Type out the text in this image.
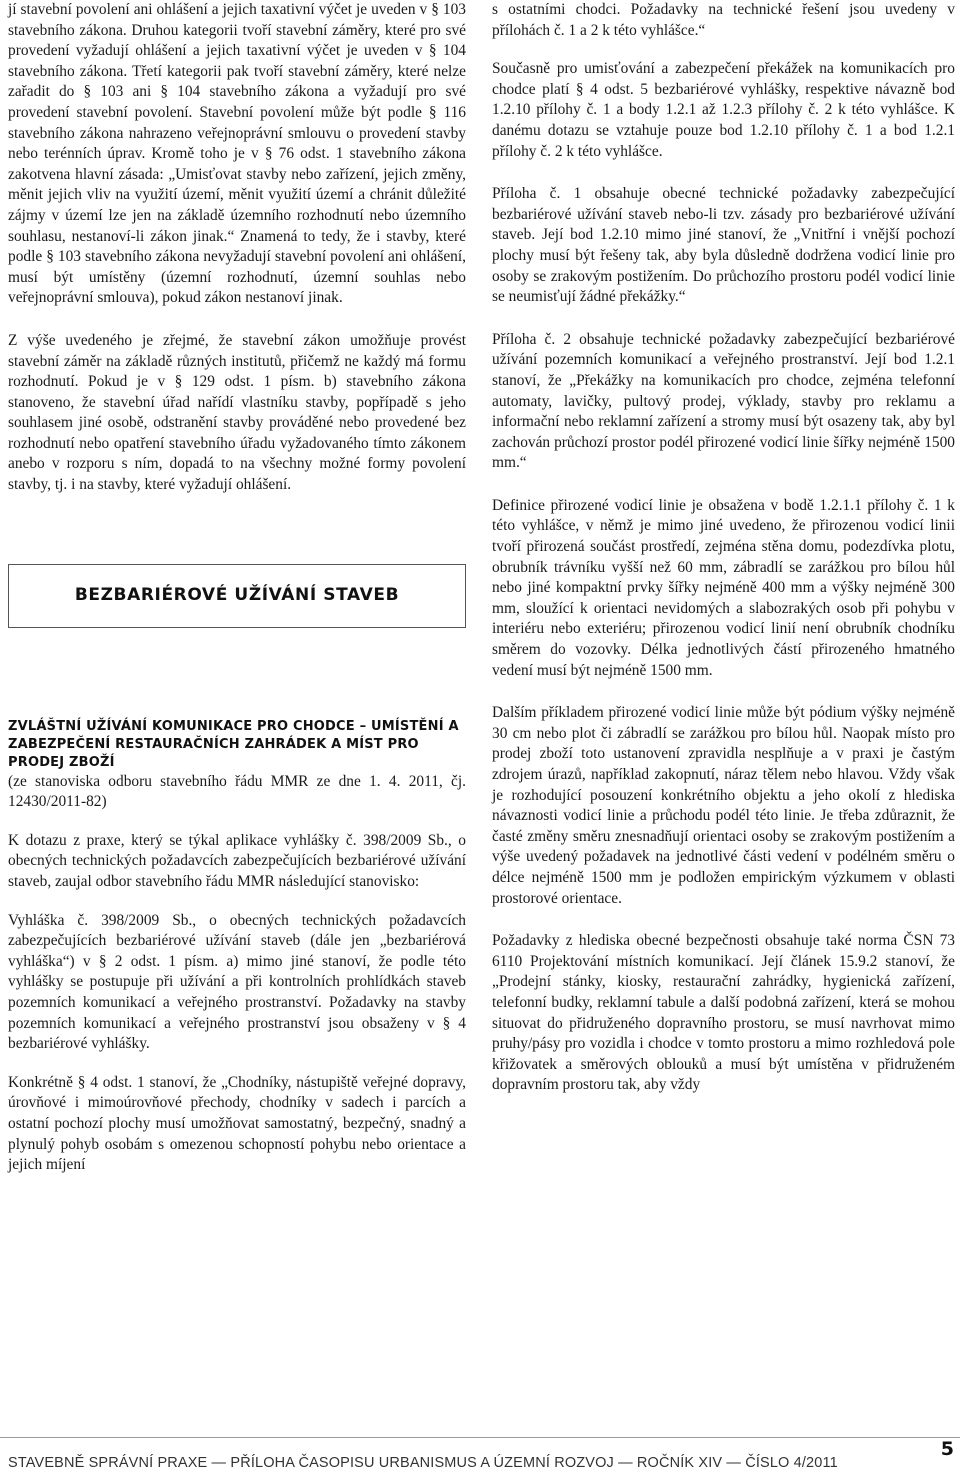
jí stavební povolení ani ohlášení a jejich taxativní výčet je uveden v § 103 stavebního zákona. Druhou kategorii tvoří stavební záměry, které pro své provedení vyžadují ohlášení a jejich taxativní výčet je uveden v § 104 stavebního zákona. Třetí kategorii pak tvoří stavební záměry, které nelze zařadit do § 103 ani § 104 stavebního zákona a vyžadují pro své provedení stavební povolení. Stavební povolení může být podle § 116 stavebního zákona nahrazeno veřejnoprávní smlouvu o provedení stavby nebo terénních úprav. Kromě toho je v § 76 odst. 1 stavebního zákona zakotvena hlavní zásada: „Umisťovat stavby nebo zařízení, jejich změny, měnit jejich vliv na využití území, měnit využití území a chránit důležité zájmy v území lze jen na základě územního rozhodnutí nebo územního souhlasu, nestanoví-li zákon jinak.“ Znamená to tedy, že i stavby, které podle § 103 stavebního zákona nevyžadují stavební povolení ani ohlášení, musí být umístěny (územní rozhodnutí, územní souhlas nebo veřejnoprávní smlouva), pokud zákon nestanoví jinak.

Z výše uvedeného je zřejmé, že stavební zákon umožňuje provést stavební záměr na základě různých institutů, přičemž ne každý má formu rozhodnutí. Pokud je v § 129 odst. 1 písm. b) stavebního zákona stanoveno, že stavební úřad nařídí vlastníku stavby, popřípadě s jeho souhlasem jiné osobě, odstranění stavby prováděné nebo provedené bez rozhodnutí nebo opatření stavebního úřadu vyžadovaného tímto zákonem anebo v rozporu s ním, dopadá to na všechny možné formy povolení stavby, tj. i na stavby, které vyžadují ohlášení.

BEZBARIÉROVÉ UŽÍVÁNÍ STAVEB

ZVLÁŠTNÍ UŽÍVÁNÍ KOMUNIKACE PRO CHODCE – UMÍSTĚNÍ A ZABEZPEČENÍ RESTAURAČNÍCH ZAHRÁDEK A MÍST PRO PRODEJ ZBOŽÍ

(ze stanoviska odboru stavebního řádu MMR ze dne 1. 4. 2011, čj. 12430/2011-82)

K dotazu z praxe, který se týkal aplikace vyhlášky č. 398/2009 Sb., o obecných technických požadavcích zabezpečujících bezbariérové užívání staveb, zaujal odbor stavebního řádu MMR následující stanovisko:

Vyhláška č. 398/2009 Sb., o obecných technických požadavcích zabezpečujících bezbariérové užívání staveb (dále jen „bezbariérová vyhláška“) v § 2 odst. 1 písm. a) mimo jiné stanoví, že podle této vyhlášky se postupuje při užívání a při kontrolních prohlídkách staveb pozemních komunikací a veřejného prostranství. Požadavky na stavby pozemních komunikací a veřejného prostranství jsou obsaženy v § 4 bezbariérové vyhlášky.

Konkrétně § 4 odst. 1 stanoví, že „Chodníky, nástupiště veřejné dopravy, úrovňové i mimoúrovňové přechody, chodníky v sadech i parcích a ostatní pochozí plochy musí umožňovat samostatný, bezpečný, snadný a plynulý pohyb osobám s omezenou schopností pohybu nebo orientace a jejich míjení

s ostatními chodci. Požadavky na technické řešení jsou uvedeny v přílohách č. 1 a 2 k této vyhlášce.“

Současně pro umisťování a zabezpečení překážek na komunikacích pro chodce platí § 4 odst. 5 bezbariérové vyhlášky, respektive návazně bod 1.2.10 přílohy č. 1 a body 1.2.1 až 1.2.3 přílohy č. 2 k této vyhlášce. K danému dotazu se vztahuje pouze bod 1.2.10 přílohy č. 1 a bod 1.2.1 přílohy č. 2 k této vyhlášce.

Příloha č. 1 obsahuje obecné technické požadavky zabezpečující bezbariérové užívání staveb nebo-li tzv. zásady pro bezbariérové užívání staveb. Její bod 1.2.10 mimo jiné stanoví, že „Vnitřní i vnější pochozí plochy musí být řešeny tak, aby byla důsledně dodržena vodicí linie pro osoby se zrakovým postižením. Do průchozího prostoru podél vodicí linie se neumisťují žádné překážky.“

Příloha č. 2 obsahuje technické požadavky zabezpečující bezbariérové užívání pozemních komunikací a veřejného prostranství. Její bod 1.2.1 stanoví, že „Překážky na komunikacích pro chodce, zejména telefonní automaty, lavičky, pultový prodej, výklady, stavby pro reklamu a informační nebo reklamní zařízení a stromy musí být osazeny tak, aby byl zachován průchozí prostor podél přirozené vodicí linie šířky nejméně 1500 mm.“

Definice přirozené vodicí linie je obsažena v bodě 1.2.1.1 přílohy č. 1 k této vyhlášce, v němž je mimo jiné uvedeno, že přirozenou vodicí linii tvoří přirozená součást prostředí, zejména stěna domu, podezdívka plotu, obrubník trávníku vyšší než 60 mm, zábradlí se zarážkou pro bílou hůl nebo jiné kompaktní prvky šířky nejméně 400 mm a výšky nejméně 300 mm, sloužící k orientaci nevidomých a slabozrakých osob při pohybu v interiéru nebo exteriéru; přirozenou vodicí linií není obrubník chodníku směrem do vozovky. Délka jednotlivých částí přirozeného hmatného vedení musí být nejméně 1500 mm.

Dalším příkladem přirozené vodicí linie může být pódium výšky nejméně 30 cm nebo plot či zábradlí se zarážkou pro bílou hůl. Naopak místo pro prodej zboží toto ustanovení zpravidla nesplňuje a v praxi je častým zdrojem úrazů, například zakopnutí, náraz tělem nebo hlavou. Vždy však je rozhodující posouzení konkrétního objektu a jeho okolí z hlediska návaznosti vodicí linie a průchodu podél této linie. Je třeba zdůraznit, že časté změny směru znesnadňují orientaci osoby se zrakovým postižením a výše uvedený požadavek na jednotlivé části vedení v podélném směru o délce nejméně 1500 mm je podložen empirickým výzkumem v oblasti prostorové orientace.

Požadavky z hlediska obecné bezpečnosti obsahuje také norma ČSN 73 6110 Projektování místních komunikací. Její článek 15.9.2 stanoví, že „Prodejní stánky, kiosky, restaurační zahrádky, hygienická zařízení, telefonní budky, reklamní tabule a další podobná zařízení, která se mohou situovat do přidruženého dopravního prostoru, se musí navrhovat mimo pruhy/pásy pro vozidla i chodce v tomto prostoru a mimo rozhledová pole křižovatek a směrových oblouků a musí být umístěna v přidruženém dopravním prostoru tak, aby vždy

STAVEBNĚ SPRÁVNÍ PRAXE — PŘÍLOHA ČASOPISU URBANISMUS A ÚZEMNÍ ROZVOJ — ROČNÍK XIV — ČÍSLO 4/2011
5
